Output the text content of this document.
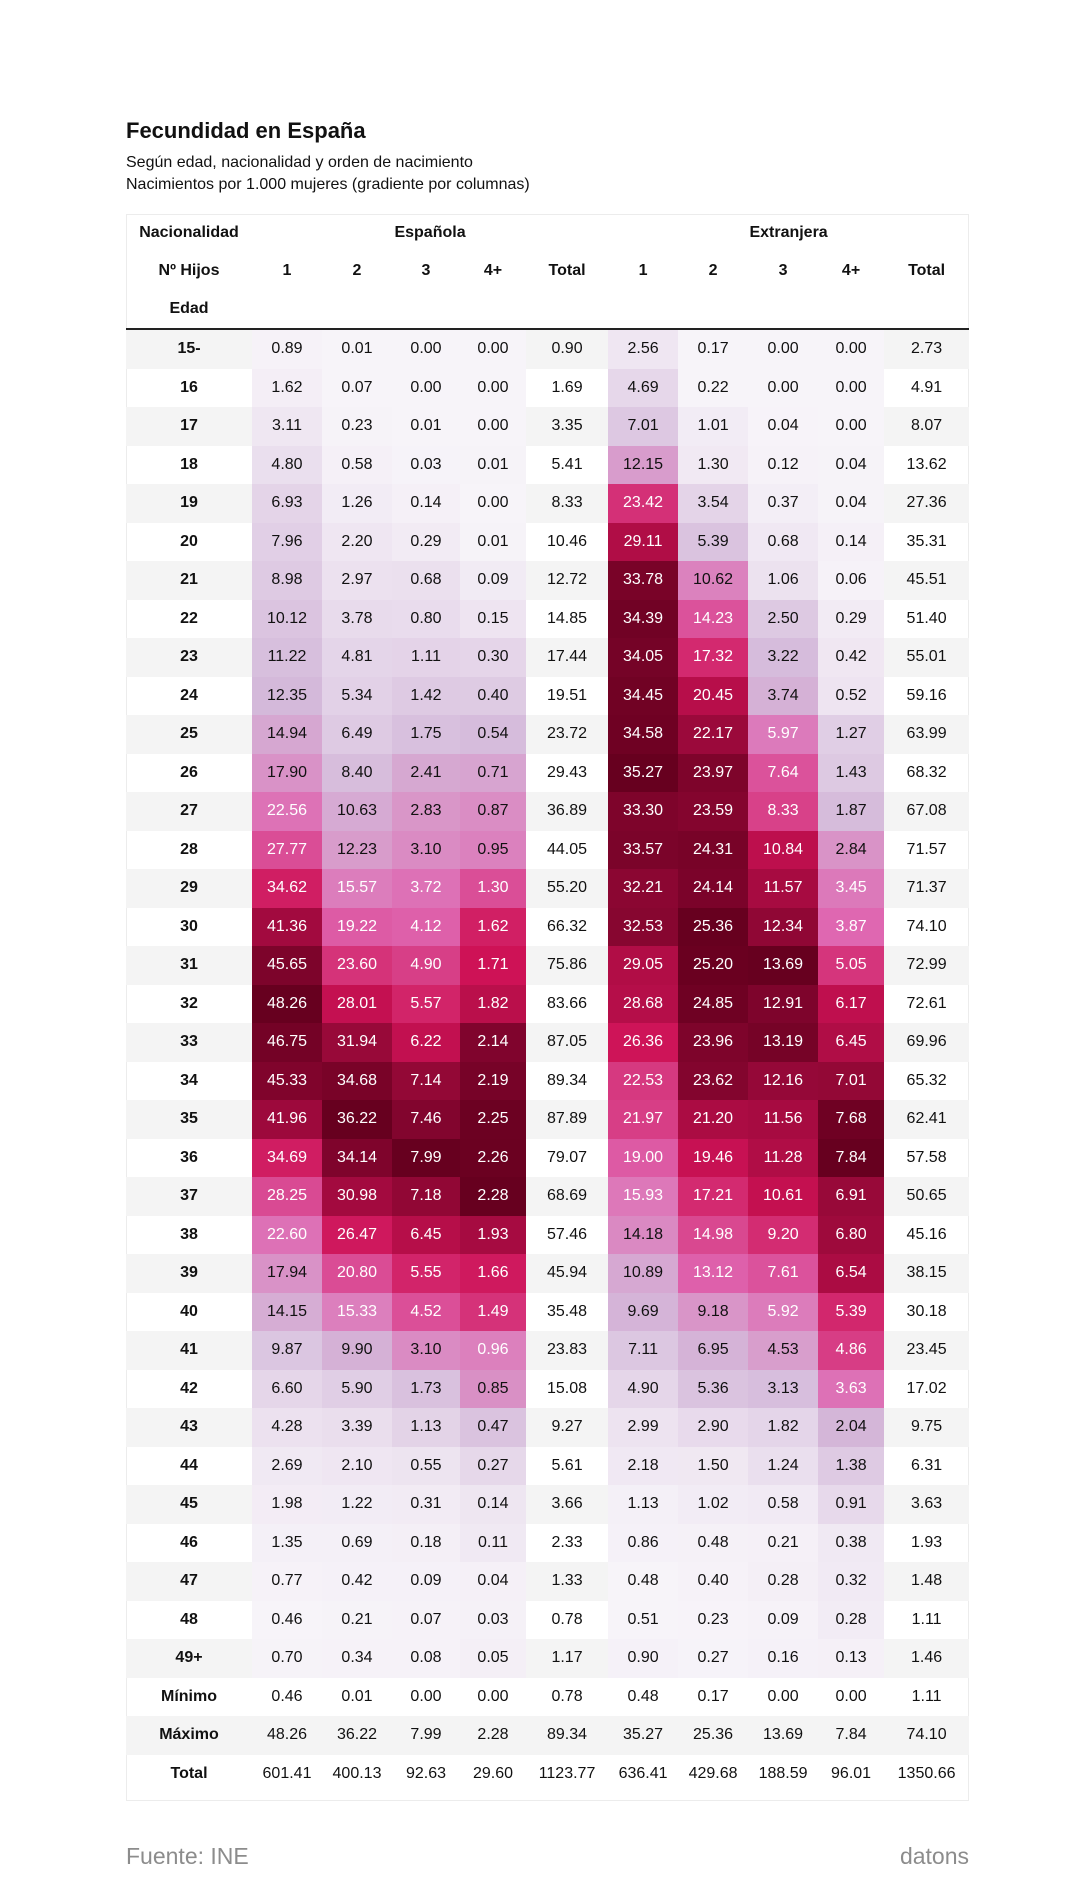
Fecundidad en España
Según edad, nacionalidad y orden de nacimiento
Nacimientos por 1.000 mujeres (gradiente por columnas)
Nacionalidad	Española					Extranjera				
Nº Hijos	1	2	3	4+	Total	1	2	3	4+	Total
Edad										
15-	0.89	0.01	0.00	0.00	0.90	2.56	0.17	0.00	0.00	2.73
16	1.62	0.07	0.00	0.00	1.69	4.69	0.22	0.00	0.00	4.91
17	3.11	0.23	0.01	0.00	3.35	7.01	1.01	0.04	0.00	8.07
18	4.80	0.58	0.03	0.01	5.41	12.15	1.30	0.12	0.04	13.62
19	6.93	1.26	0.14	0.00	8.33	23.42	3.54	0.37	0.04	27.36
20	7.96	2.20	0.29	0.01	10.46	29.11	5.39	0.68	0.14	35.31
21	8.98	2.97	0.68	0.09	12.72	33.78	10.62	1.06	0.06	45.51
22	10.12	3.78	0.80	0.15	14.85	34.39	14.23	2.50	0.29	51.40
23	11.22	4.81	1.11	0.30	17.44	34.05	17.32	3.22	0.42	55.01
24	12.35	5.34	1.42	0.40	19.51	34.45	20.45	3.74	0.52	59.16
25	14.94	6.49	1.75	0.54	23.72	34.58	22.17	5.97	1.27	63.99
26	17.90	8.40	2.41	0.71	29.43	35.27	23.97	7.64	1.43	68.32
27	22.56	10.63	2.83	0.87	36.89	33.30	23.59	8.33	1.87	67.08
28	27.77	12.23	3.10	0.95	44.05	33.57	24.31	10.84	2.84	71.57
29	34.62	15.57	3.72	1.30	55.20	32.21	24.14	11.57	3.45	71.37
30	41.36	19.22	4.12	1.62	66.32	32.53	25.36	12.34	3.87	74.10
31	45.65	23.60	4.90	1.71	75.86	29.05	25.20	13.69	5.05	72.99
32	48.26	28.01	5.57	1.82	83.66	28.68	24.85	12.91	6.17	72.61
33	46.75	31.94	6.22	2.14	87.05	26.36	23.96	13.19	6.45	69.96
34	45.33	34.68	7.14	2.19	89.34	22.53	23.62	12.16	7.01	65.32
35	41.96	36.22	7.46	2.25	87.89	21.97	21.20	11.56	7.68	62.41
36	34.69	34.14	7.99	2.26	79.07	19.00	19.46	11.28	7.84	57.58
37	28.25	30.98	7.18	2.28	68.69	15.93	17.21	10.61	6.91	50.65
38	22.60	26.47	6.45	1.93	57.46	14.18	14.98	9.20	6.80	45.16
39	17.94	20.80	5.55	1.66	45.94	10.89	13.12	7.61	6.54	38.15
40	14.15	15.33	4.52	1.49	35.48	9.69	9.18	5.92	5.39	30.18
41	9.87	9.90	3.10	0.96	23.83	7.11	6.95	4.53	4.86	23.45
42	6.60	5.90	1.73	0.85	15.08	4.90	5.36	3.13	3.63	17.02
43	4.28	3.39	1.13	0.47	9.27	2.99	2.90	1.82	2.04	9.75
44	2.69	2.10	0.55	0.27	5.61	2.18	1.50	1.24	1.38	6.31
45	1.98	1.22	0.31	0.14	3.66	1.13	1.02	0.58	0.91	3.63
46	1.35	0.69	0.18	0.11	2.33	0.86	0.48	0.21	0.38	1.93
47	0.77	0.42	0.09	0.04	1.33	0.48	0.40	0.28	0.32	1.48
48	0.46	0.21	0.07	0.03	0.78	0.51	0.23	0.09	0.28	1.11
49+	0.70	0.34	0.08	0.05	1.17	0.90	0.27	0.16	0.13	1.46
Mínimo	0.46	0.01	0.00	0.00	0.78	0.48	0.17	0.00	0.00	1.11
Máximo	48.26	36.22	7.99	2.28	89.34	35.27	25.36	13.69	7.84	74.10
Total	601.41	400.13	92.63	29.60	1123.77	636.41	429.68	188.59	96.01	1350.66
Fuente: INE	datons
